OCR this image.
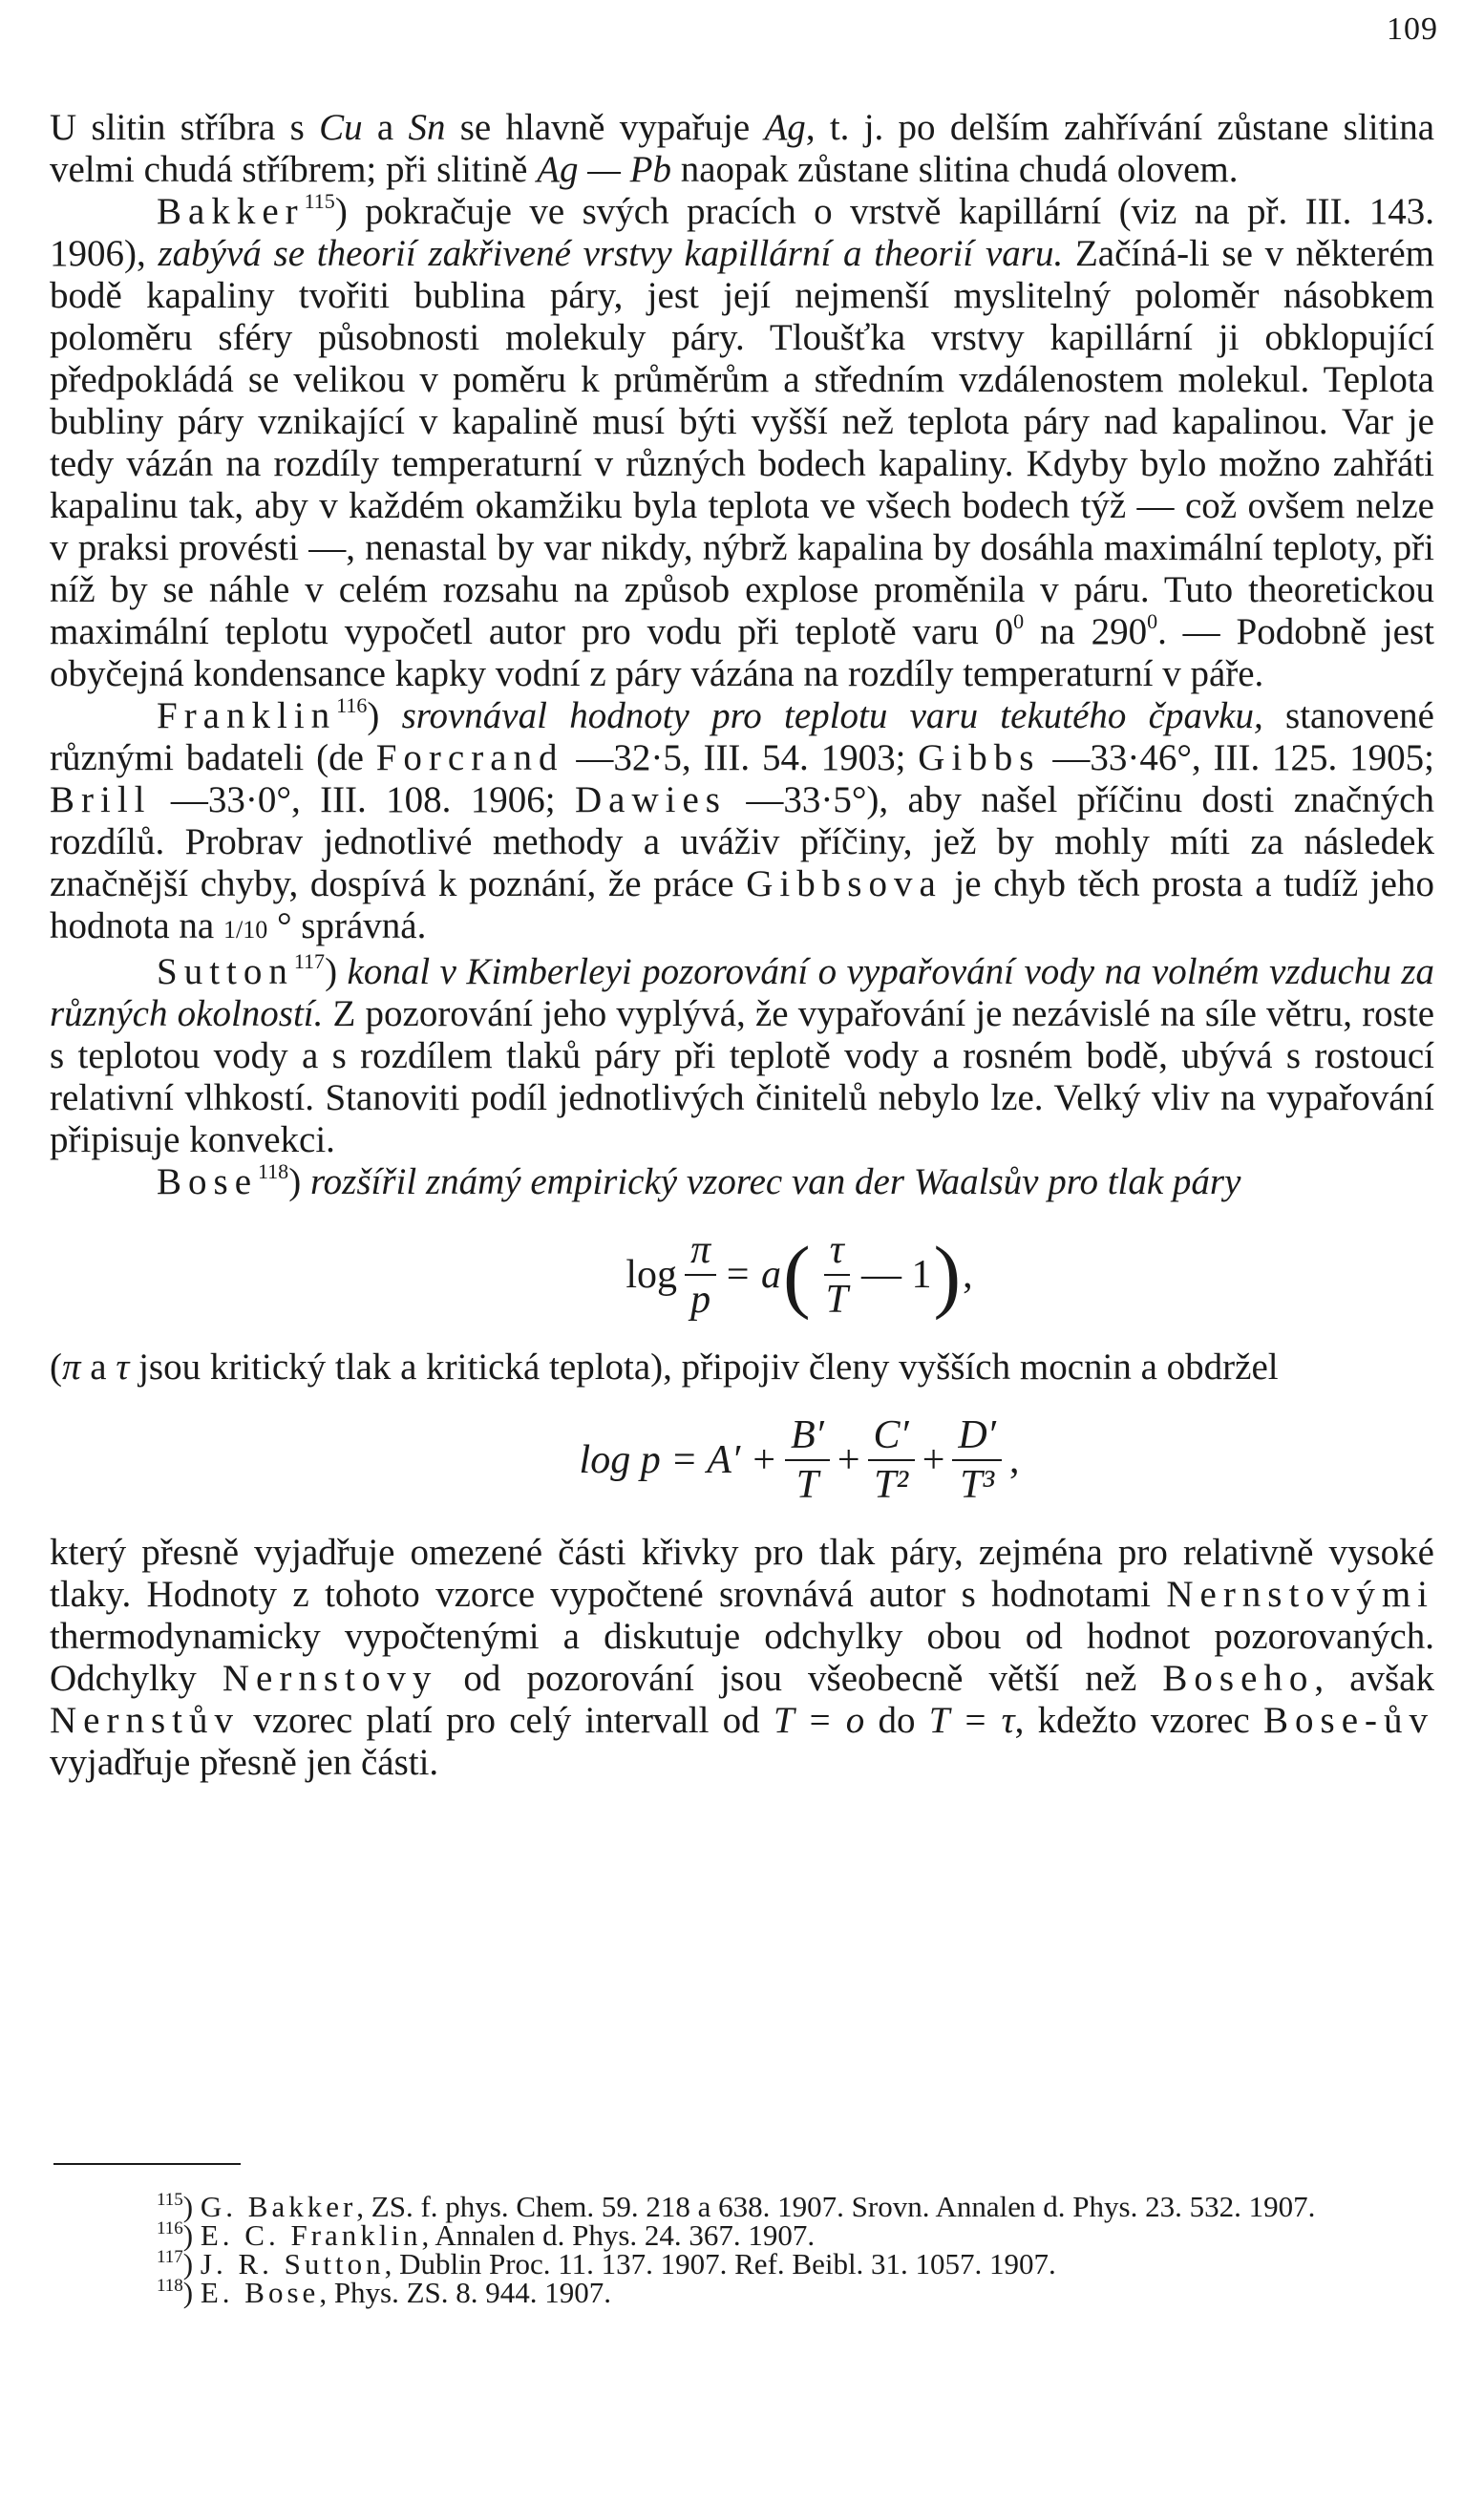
109

U slitin stříbra s Cu a Sn se hlavně vypařuje Ag, t. j. po delším zahřívání zůstane slitina velmi chudá stříbrem; při slitině Ag — Pb naopak zůstane slitina chudá olovem.

Bakker$^{115}$) pokračuje ve svých pracích o vrstvě kapillární (viz na př. III. 143. 1906), zabývá se theorií zakřivené vrstvy kapillární a theorií varu. Začíná-li se v některém bodě kapaliny tvořiti bublina páry, jest její nejmenší myslitelný poloměr násobkem poloměru sféry působnosti molekuly páry. Tloušťka vrstvy kapillární ji obklopující předpokládá se velikou v poměru k průměrům a středním vzdálenostem molekul. Teplota bubliny páry vznikající v kapalině musí býti vyšší než teplota páry nad kapalinou. Var je tedy vázán na rozdíly temperaturní v různých bodech kapaliny. Kdyby bylo možno zahřáti kapalinu tak, aby v každém okamžiku byla teplota ve všech bodech týž — což ovšem nelze v praksi provésti —, nenastal by var nikdy, nýbrž kapalina by dosáhla maximální teploty, při níž by se náhle v celém rozsahu na způsob explose proměnila v páru. Tuto theoretickou maximální teplotu vypočetl autor pro vodu při teplotě varu $0^0$ na $290^0$. — Podobně jest obyčejná kondensance kapky vodní z páry vázána na rozdíly temperaturní v páře.

Franklin$^{116}$) srovnával hodnoty pro teplotu varu tekutého čpavku, stanovené různými badateli (de Forcrand —32·5, III. 54. 1903; Gibbs —33·46°, III. 125. 1905; Brill —33·0°, III. 108. 1906; Dawies —33·5°), aby našel příčinu dosti značných rozdílů. Probrav jednotlivé methody a uváživ příčiny, jež by mohly míti za následek značnější chyby, dospívá k poznání, že práce Gibbsova je chyb těch prosta a tudíž jeho hodnota na 1/10 ° správná.

Sutton$^{117}$) konal v Kimberleyi pozorování o vypařování vody na volném vzduchu za různých okolností. Z pozorování jeho vyplývá, že vypařování je nezávislé na síle větru, roste s teplotou vody a s rozdílem tlaků páry při teplotě vody a rosném bodě, ubývá s rostoucí relativní vlhkostí. Stanoviti podíl jednotlivých činitelů nebylo lze. Velký vliv na vypařování připisuje konvekci.

Bose$^{118}$) rozšířil známý empirický vzorec van der Waalsův pro tlak páry

$\log \frac{\pi}{p} = a$ ( $\frac{\tau}{T}$ — 1 ) ,

(π a τ jsou kritický tlak a kritická teplota), připojiv členy vyšších mocnin a obdržel

$\log p = A' + \frac{B'}{T} + \frac{C'}{\text{T²}} + \frac{D'}{\text{T³}}$ ,

který přesně vyjadřuje omezené části křivky pro tlak páry, zejména pro relativně vysoké tlaky. Hodnoty z tohoto vzorce vypočtené srovnává autor s hodnotami Nernstovými thermodynamicky vypočtenými a diskutuje odchylky obou od hodnot pozorovaných. Odchylky Nernstovy od pozorování jsou všeobecně větší než Boseho, avšak Nernstův vzorec platí pro celý intervall od T = o do T = τ, kdežto vzorec Bose-ův vyjadřuje přesně jen části.

$^{115}$) G. Bakker, ZS. f. phys. Chem. 59. 218 a 638. 1907. Srovn. Annalen d. Phys. 23. 532. 1907.

$^{116}$) E. C. Franklin, Annalen d. Phys. 24. 367. 1907.

$^{117}$) J. R. Sutton, Dublin Proc. 11. 137. 1907. Ref. Beibl. 31. 1057. 1907.

$^{118}$) E. Bose, Phys. ZS. 8. 944. 1907.
